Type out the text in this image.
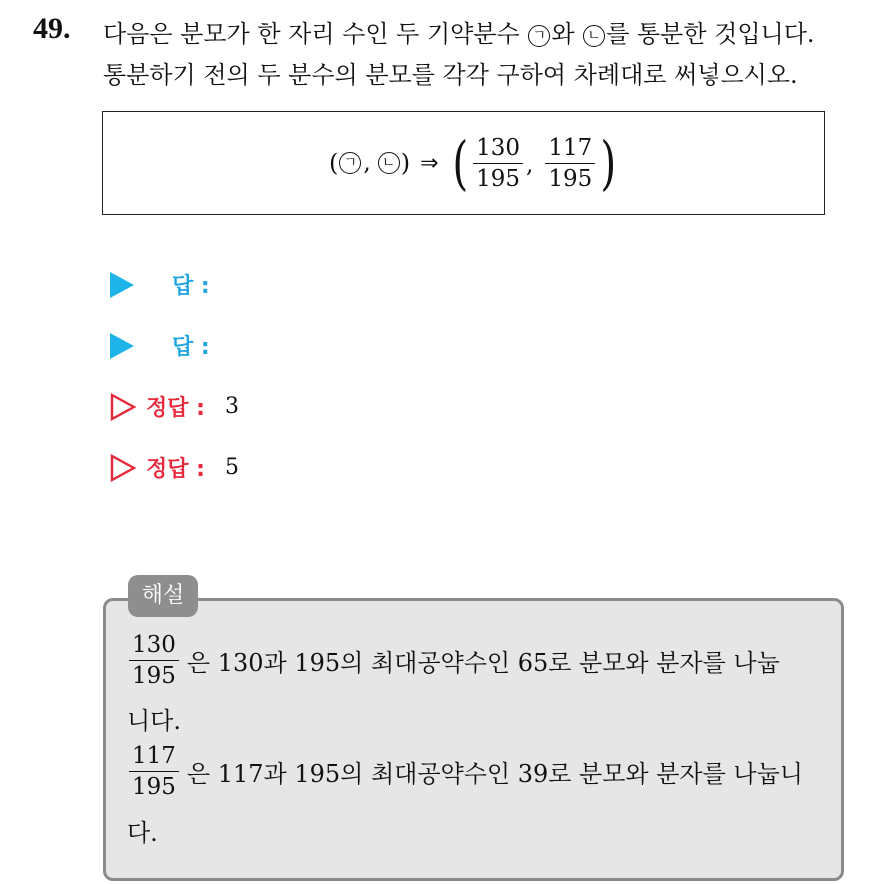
49. 다음은 분모가 한 자리 수인 두 기약분수 ㄱ 와 ㄴ 를 통분한 것입니다.
통분하기 전의 두 분수의 분모를 각각 구하여 차례대로 써넣으시오.
( ㄱ , ㄴ ) ⇒ ( $\frac{130}{195}$ , $\frac{117}{195}$ )
답 :
답 :
정답 : 3
정답 : 5
해설
$\frac{130}{195}$ 은 130과 195의 최대공약수인 65로 분모와 분자를 나눕
니다.
$\frac{117}{195}$ 은 117과 195의 최대공약수인 39로 분모와 분자를 나눕니
다.
